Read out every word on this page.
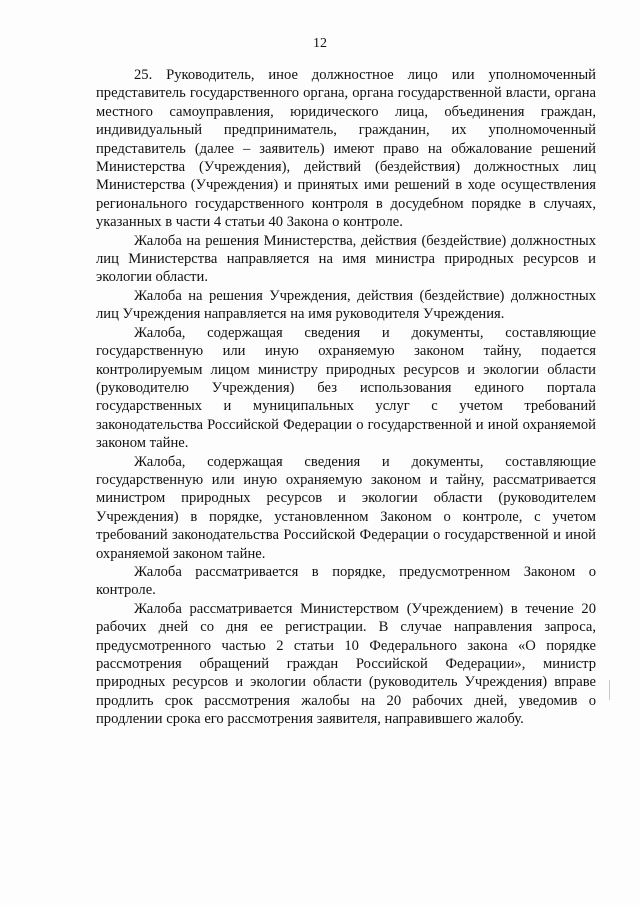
12

25. Руководитель, иное должностное лицо или уполномоченный представитель государственного органа, органа государственной власти, органа местного самоуправления, юридического лица, объединения граждан, индивидуальный предприниматель, гражданин, их уполномоченный представитель (далее – заявитель) имеют право на обжалование решений Министерства (Учреждения), действий (бездействия) должностных лиц Министерства (Учреждения) и принятых ими решений в ходе осуществления регионального государственного контроля в досудебном порядке в случаях, указанных в части 4 статьи 40 Закона о контроле.

Жалоба на решения Министерства, действия (бездействие) должностных лиц Министерства направляется на имя министра природных ресурсов и экологии области.

Жалоба на решения Учреждения, действия (бездействие) должностных лиц Учреждения направляется на имя руководителя Учреждения.

Жалоба, содержащая сведения и документы, составляющие государственную или иную охраняемую законом тайну, подается контролируемым лицом министру природных ресурсов и экологии области (руководителю Учреждения) без использования единого портала государственных и муниципальных услуг с учетом требований законодательства Российской Федерации о государственной и иной охраняемой законом тайне.

Жалоба, содержащая сведения и документы, составляющие государственную или иную охраняемую законом и тайну, рассматривается министром природных ресурсов и экологии области (руководителем Учреждения) в порядке, установленном Законом о контроле, с учетом требований законодательства Российской Федерации о государственной и иной охраняемой законом тайне.

Жалоба рассматривается в порядке, предусмотренном Законом о контроле.

Жалоба рассматривается Министерством (Учреждением) в течение 20 рабочих дней со дня ее регистрации. В случае направления запроса, предусмотренного частью 2 статьи 10 Федерального закона «О порядке рассмотрения обращений граждан Российской Федерации», министр природных ресурсов и экологии области (руководитель Учреждения) вправе продлить срок рассмотрения жалобы на 20 рабочих дней, уведомив о продлении срока его рассмотрения заявителя, направившего жалобу.
